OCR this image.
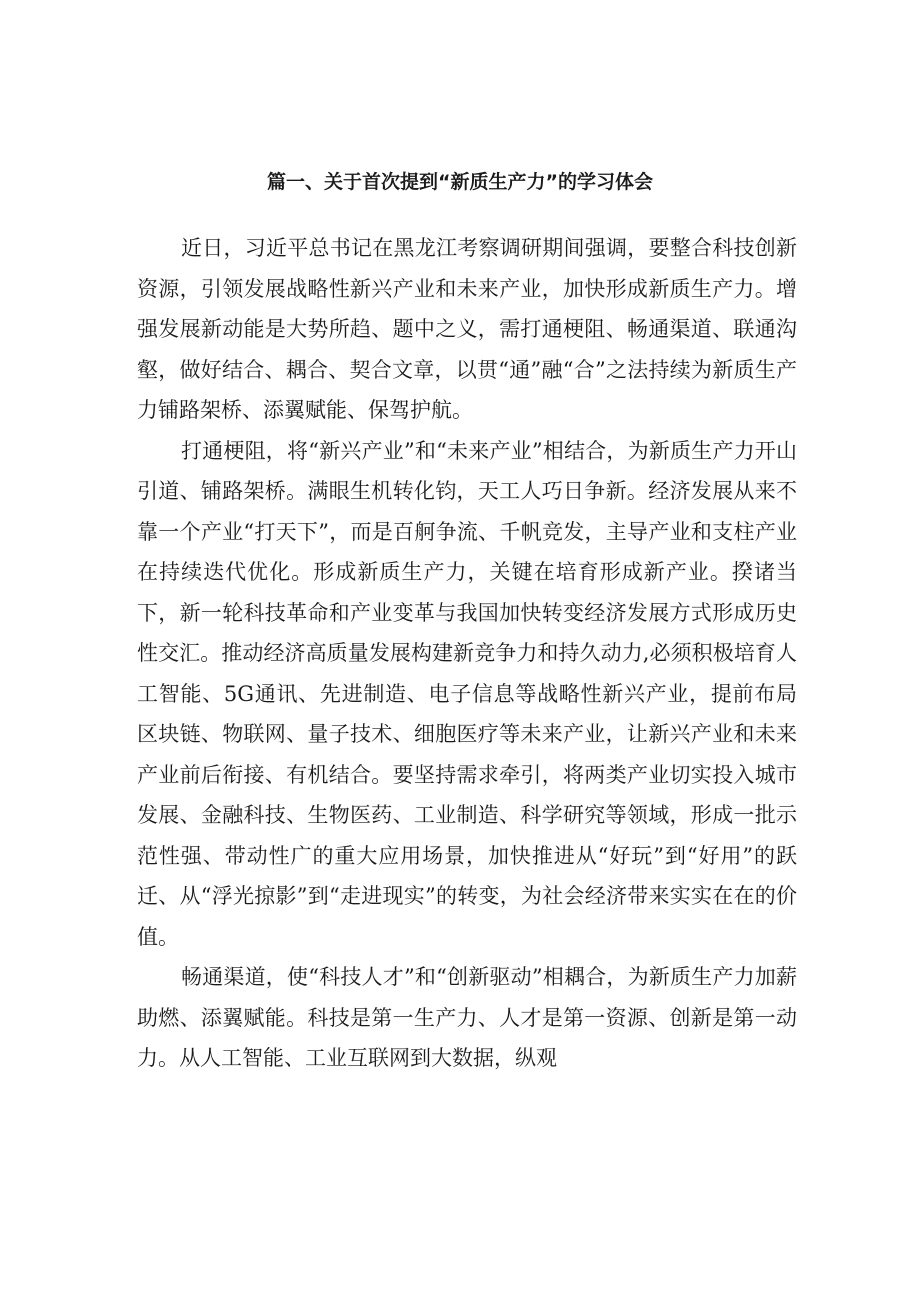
篇一、关于首次提到“新质生产力”的学习体会

近日，习近平总书记在黑龙江考察调研期间强调，要整合科技创新资源，引领发展战略性新兴产业和未来产业，加快形成新质生产力。增强发展新动能是大势所趋、题中之义，需打通梗阻、畅通渠道、联通沟壑，做好结合、耦合、契合文章，以贯“通”融“合”之法持续为新质生产力铺路架桥、添翼赋能、保驾护航。

打通梗阻，将“新兴产业”和“未来产业”相结合，为新质生产力开山引道、铺路架桥。满眼生机转化钧，天工人巧日争新。经济发展从来不靠一个产业“打天下”，而是百舸争流、千帆竞发，主导产业和支柱产业在持续迭代优化。形成新质生产力，关键在培育形成新产业。揆诸当下，新一轮科技革命和产业变革与我国加快转变经济发展方式形成历史性交汇。推动经济高质量发展构建新竞争力和持久动力,必须积极培育人工智能、5G通讯、先进制造、电子信息等战略性新兴产业，提前布局区块链、物联网、量子技术、细胞医疗等未来产业，让新兴产业和未来产业前后衔接、有机结合。要坚持需求牵引，将两类产业切实投入城市发展、金融科技、生物医药、工业制造、科学研究等领域，形成一批示范性强、带动性广的重大应用场景，加快推进从“好玩”到“好用”的跃迁、从“浮光掠影”到“走进现实”的转变，为社会经济带来实实在在的价值。

畅通渠道，使“科技人才”和“创新驱动”相耦合，为新质生产力加薪助燃、添翼赋能。科技是第一生产力、人才是第一资源、创新是第一动力。从人工智能、工业互联网到大数据，纵观
